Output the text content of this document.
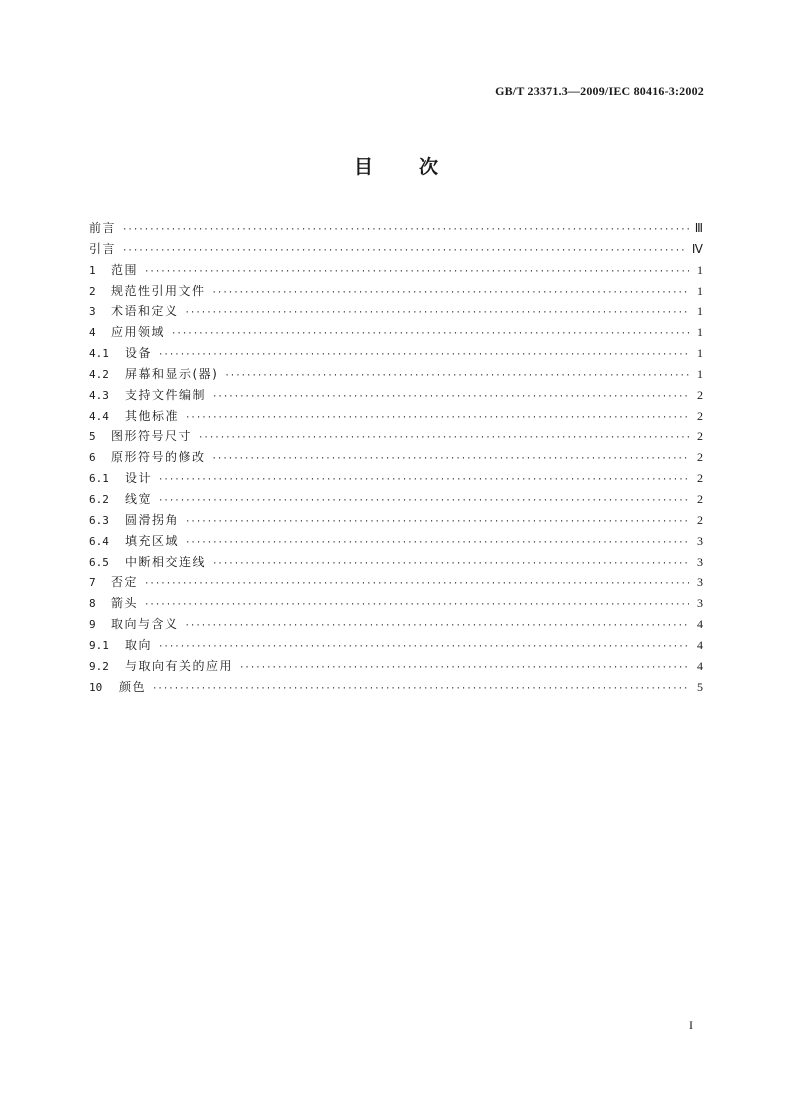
GB/T 23371.3—2009/IEC 80416-3:2002
目 次
前言 ·····	Ⅲ
引言 ·····	Ⅳ
1	范围 ·····	1
2	规范性引用文件 ·····	1
3	术语和定义 ·····	1
4	应用领域 ·····	1
4.1	设备 ·····	1
4.2	屏幕和显示(器) ·····	1
4.3	支持文件编制 ·····	2
4.4	其他标准 ·····	2
5	图形符号尺寸 ·····	2
6	原形符号的修改 ·····	2
6.1	设计 ·····	2
6.2	线宽 ·····	2
6.3	圆滑拐角 ·····	2
6.4	填充区域 ·····	3
6.5	中断相交连线 ·····	3
7	否定 ·····	3
8	箭头 ·····	3
9	取向与含义 ·····	4
9.1	取向 ·····	4
9.2	与取向有关的应用 ·····	4
10	颜色 ·····	5
I
